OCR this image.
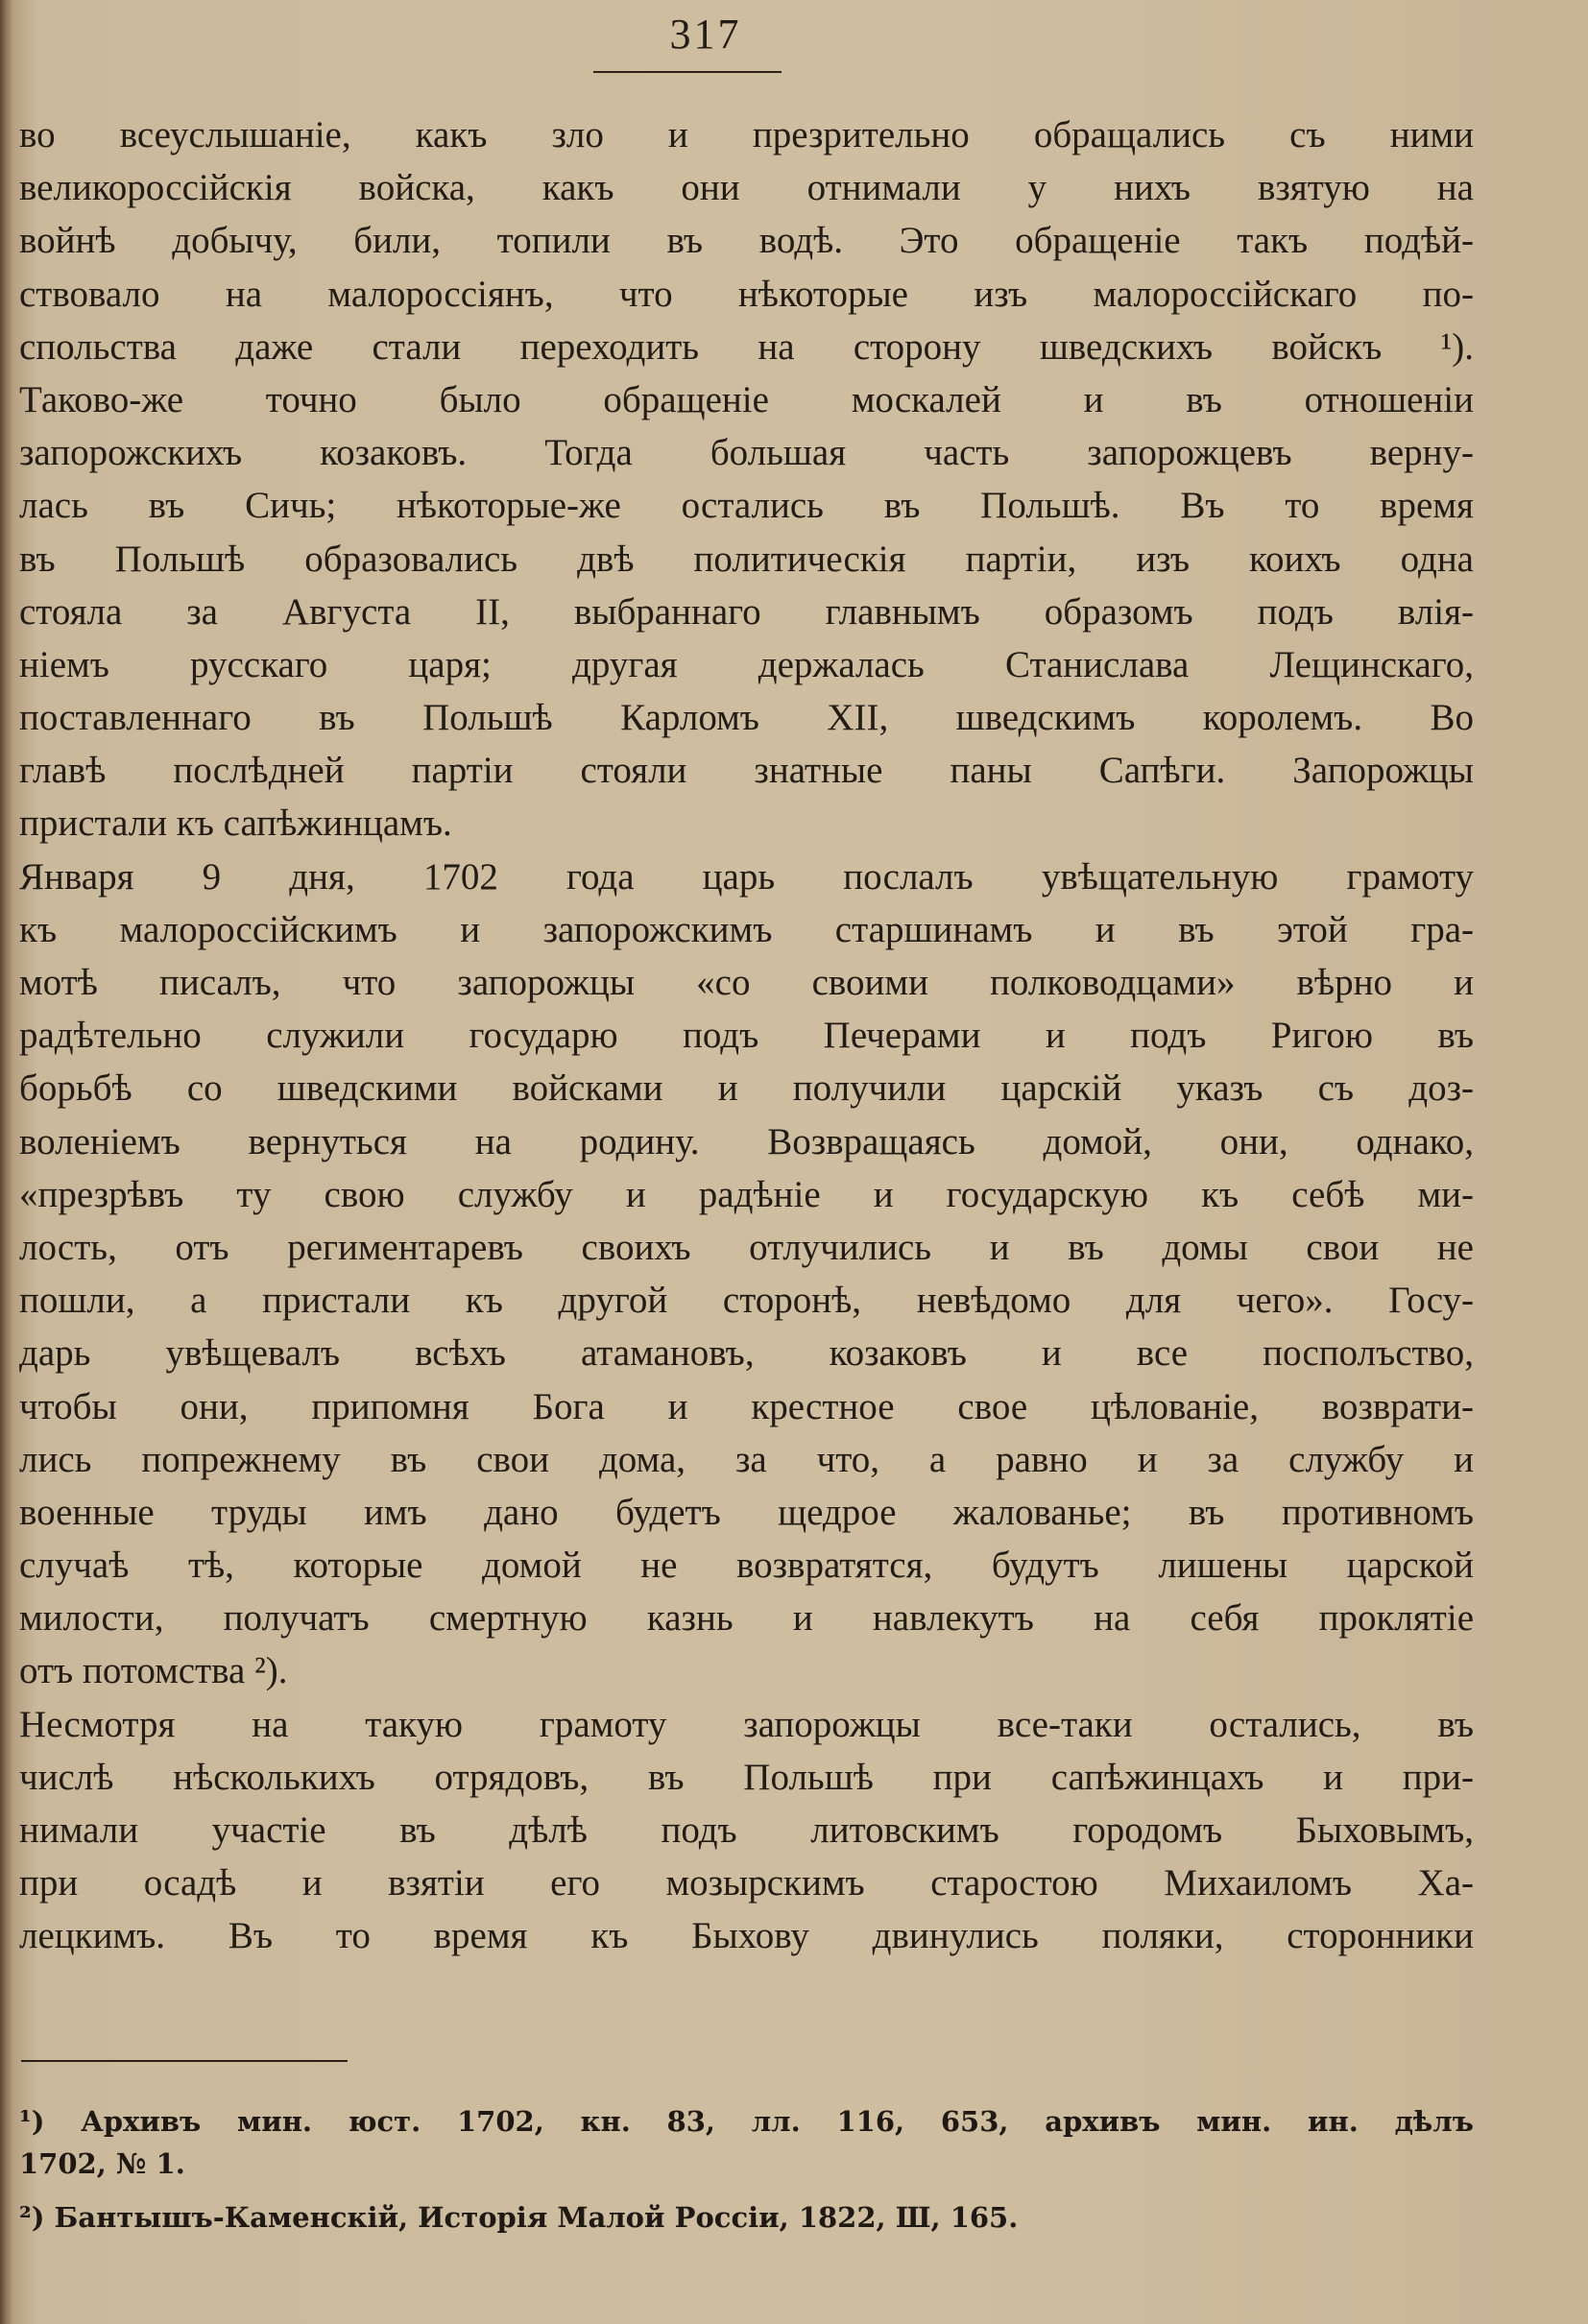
317
во всеуслышаніе, какъ зло и презрительно обращались съ ними
великороссійскія войска, какъ они отнимали у нихъ взятую на
войнѣ добычу, били, топили въ водѣ. Это обращеніе такъ подѣй-
ствовало на малороссіянъ, что нѣкоторые изъ малороссійскаго по-
спольства даже стали переходить на сторону шведскихъ войскъ ¹).
Таково-же точно было обращеніе москалей и въ отношеніи
запорожскихъ козаковъ. Тогда большая часть запорожцевъ верну-
лась въ Сичь; нѣкоторые-же остались въ Польшѣ. Въ то время
въ Польшѣ образовались двѣ политическія партіи, изъ коихъ одна
стояла за Августа II, выбраннаго главнымъ образомъ подъ влія-
ніемъ русскаго царя; другая держалась Станислава Лещинскаго,
поставленнаго въ Польшѣ Карломъ XII, шведскимъ королемъ. Во
главѣ послѣдней партіи стояли знатные паны Сапѣги. Запорожцы
пристали къ сапѣжинцамъ.
Января 9 дня, 1702 года царь послалъ увѣщательную грамоту
къ малороссійскимъ и запорожскимъ старшинамъ и въ этой гра-
мотѣ писалъ, что запорожцы «со своими полководцами» вѣрно и
радѣтельно служили государю подъ Печерами и подъ Ригою въ
борьбѣ со шведскими войсками и получили царскій указъ съ доз-
воленіемъ вернуться на родину. Возвращаясь домой, они, однако,
«презрѣвъ ту свою службу и радѣніе и государскую къ себѣ ми-
лость, отъ региментаревъ своихъ отлучились и въ домы свои не
пошли, а пристали къ другой сторонѣ, невѣдомо для чего». Госу-
дарь увѣщевалъ всѣхъ атамановъ, козаковъ и все посполъство,
чтобы они, припомня Бога и крестное свое цѣлованіе, возврати-
лись попрежнему въ свои дома, за что, а равно и за службу и
военные труды имъ дано будетъ щедрое жалованье; въ противномъ
случаѣ тѣ, которые домой не возвратятся, будутъ лишены царской
милости, получатъ смертную казнь и навлекутъ на себя проклятіе
отъ потомства ²).
Несмотря на такую грамоту запорожцы все-таки остались, въ
числѣ нѣсколькихъ отрядовъ, въ Польшѣ при сапѣжинцахъ и при-
нимали участіе въ дѣлѣ подъ литовскимъ городомъ Быховымъ,
при осадѣ и взятіи его мозырскимъ старостою Михаиломъ Ха-
лецкимъ. Въ то время къ Быхову двинулись поляки, сторонники
¹) Архивъ мин. юст. 1702, кн. 83, лл. 116, 653, архивъ мин. ин. дѣлъ
1702, № 1.
²) Бантышъ-Каменскій, Исторія Малой Россіи, 1822, Ш, 165.
